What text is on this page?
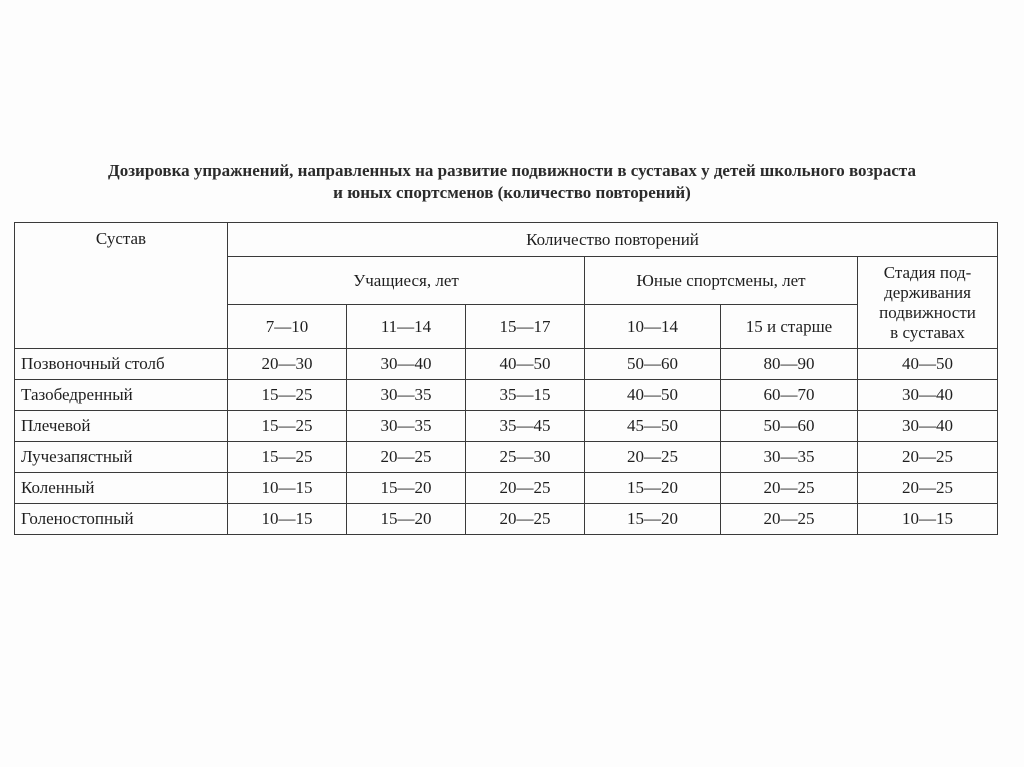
Дозировка упражнений, направленных на развитие подвижности в суставах у детей школьного возраста
и юных спортсменов (количество повторений)
Сустав	Количество повторений					
	Учащиеся, лет			Юные спортсмены, лет		Стадия под-
держивания
подвижности
в суставах

	7—10	11—14	15—17	10—14	15 и старше	
Позвоночный столб	20—30	30—40	40—50	50—60	80—90	40—50
Тазобедренный	15—25	30—35	35—15	40—50	60—70	30—40
Плечевой	15—25	30—35	35—45	45—50	50—60	30—40
Лучезапястный	15—25	20—25	25—30	20—25	30—35	20—25
Коленный	10—15	15—20	20—25	15—20	20—25	20—25
Голеностопный	10—15	15—20	20—25	15—20	20—25	10—15
